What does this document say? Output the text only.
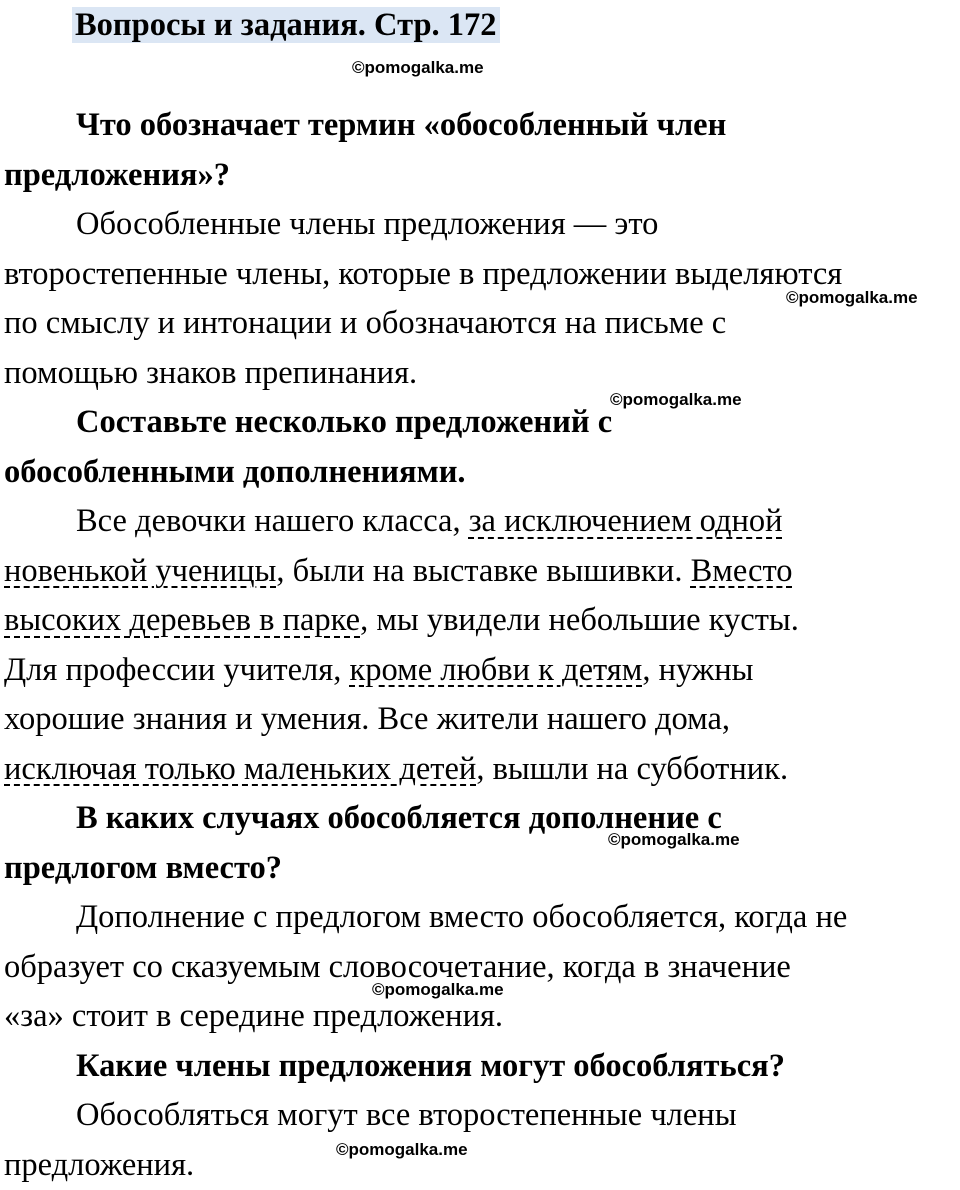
Вопросы и задания. Стр. 172
Что обозначает термин «обособленный член
предложения»?
Обособленные члены предложения — это
второстепенные члены, которые в предложении выделяются
по смыслу и интонации и обозначаются на письме с
помощью знаков препинания.
Составьте несколько предложений с
обособленными дополнениями.
Все девочки нашего класса, за исключением одной
новенькой ученицы, были на выставке вышивки. Вместо
высоких деревьев в парке, мы увидели небольшие кусты.
Для профессии учителя, кроме любви к детям, нужны
хорошие знания и умения. Все жители нашего дома,
исключая только маленьких детей, вышли на субботник.
В каких случаях обособляется дополнение с
предлогом вместо?
Дополнение с предлогом вместо обособляется, когда не
образует со сказуемым словосочетание, когда в значение
«за» стоит в середине предложения.
Какие члены предложения могут обособляться?
Обособляться могут все второстепенные члены
предложения.
©pomogalka.me
©pomogalka.me
©pomogalka.me
©pomogalka.me
©pomogalka.me
©pomogalka.me
